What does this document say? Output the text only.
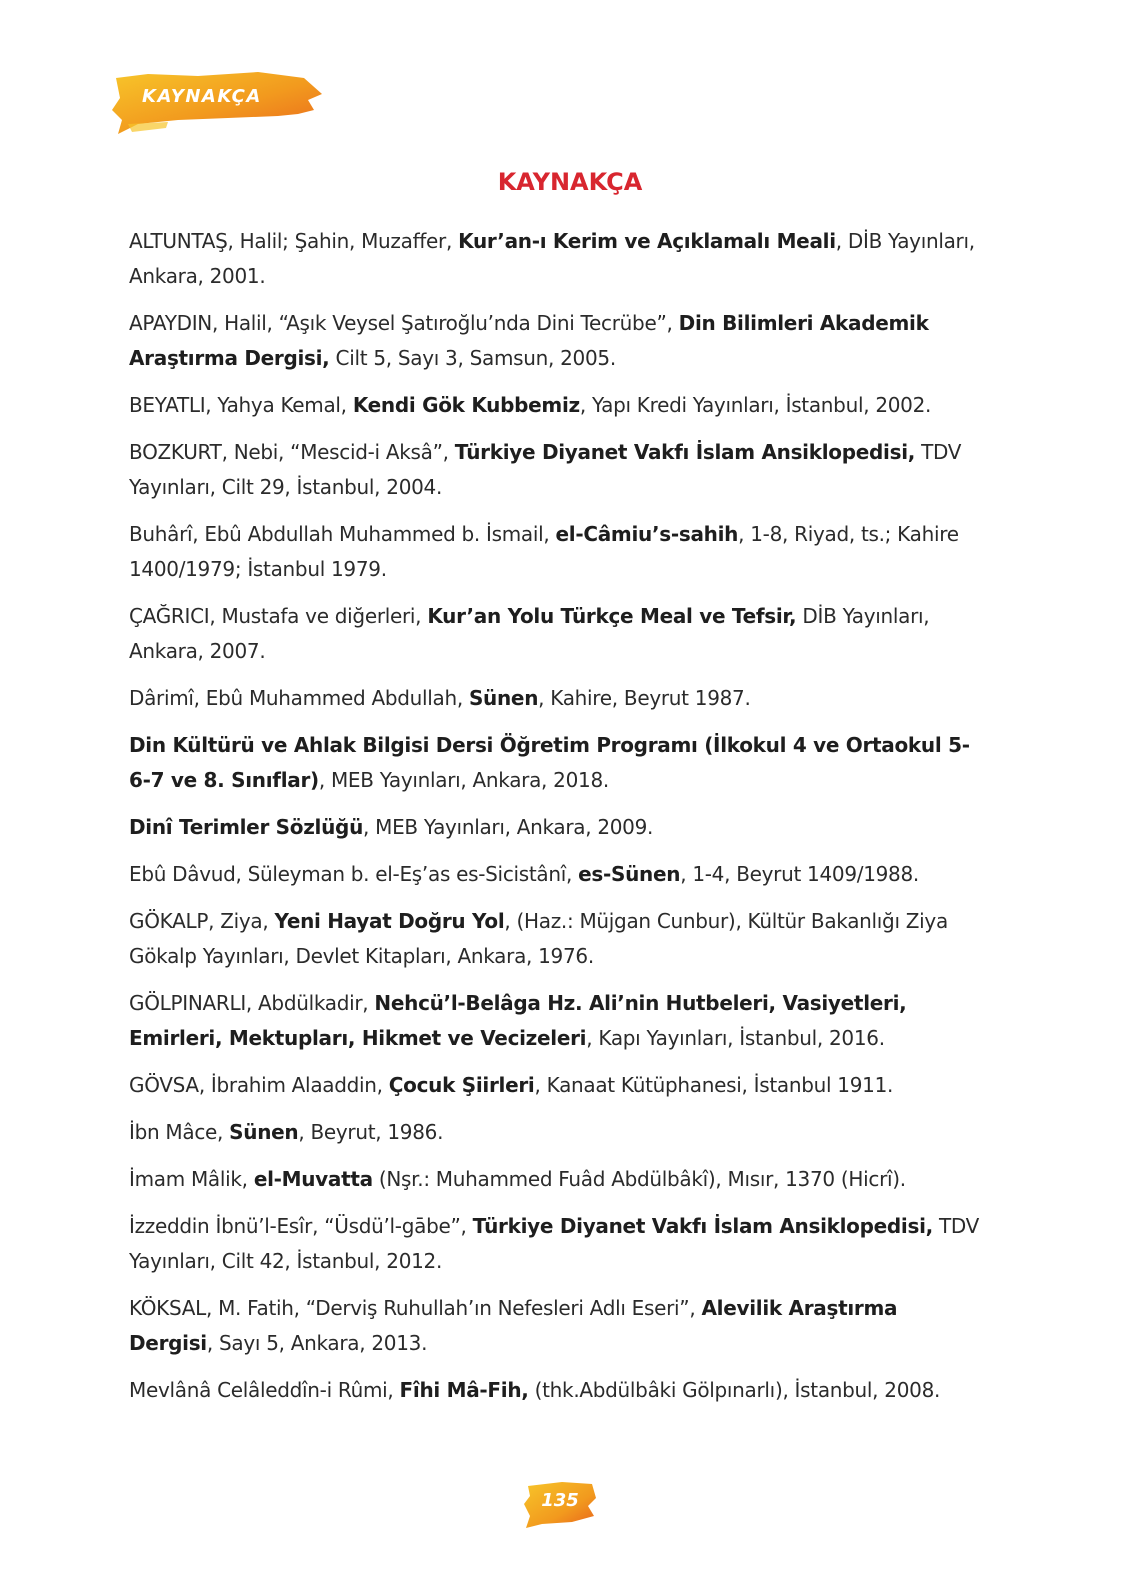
KAYNAKÇA
KAYNAKÇA
ALTUNTAŞ, Halil; Şahin, Muzaffer, Kur’an-ı Kerim ve Açıklamalı Meali, DİB Yayınları, Ankara, 2001.
APAYDIN, Halil, “Aşık Veysel Şatıroğlu’nda Dini Tecrübe”, Din Bilimleri Akademik Araştırma Dergisi, Cilt 5, Sayı 3, Samsun, 2005.
BEYATLI, Yahya Kemal, Kendi Gök Kubbemiz, Yapı Kredi Yayınları, İstanbul, 2002.
BOZKURT, Nebi, “Mescid-i Aksâ”, Türkiye Diyanet Vakfı İslam Ansiklopedisi, TDV Yayınları, Cilt 29, İstanbul, 2004.
Buhârî, Ebû Abdullah Muhammed b. İsmail, el-Câmiu’s-sahih, 1-8, Riyad, ts.; Kahire 1400/1979; İstanbul 1979.
ÇAĞRICI, Mustafa ve diğerleri, Kur’an Yolu Türkçe Meal ve Tefsir, DİB Yayınları, Ankara, 2007.
Dârimî, Ebû Muhammed Abdullah, Sünen, Kahire, Beyrut 1987.
Din Kültürü ve Ahlak Bilgisi Dersi Öğretim Programı (İlkokul 4 ve Ortaokul 5-6-7 ve 8. Sınıflar), MEB Yayınları, Ankara, 2018.
Dinî Terimler Sözlüğü, MEB Yayınları, Ankara, 2009.
Ebû Dâvud, Süleyman b. el-Eş’as es-Sicistânî, es-Sünen, 1-4, Beyrut 1409/1988.
GÖKALP, Ziya, Yeni Hayat Doğru Yol, (Haz.: Müjgan Cunbur), Kültür Bakanlığı Ziya Gökalp Yayınları, Devlet Kitapları, Ankara, 1976.
GÖLPINARLI, Abdülkadir, Nehcü’l-Belâga Hz. Ali’nin Hutbeleri, Vasiyetleri, Emirleri, Mektupları, Hikmet ve Vecizeleri, Kapı Yayınları, İstanbul, 2016.
GÖVSA, İbrahim Alaaddin, Çocuk Şiirleri, Kanaat Kütüphanesi, İstanbul 1911.
İbn Mâce, Sünen, Beyrut, 1986.
İmam Mâlik, el-Muvatta (Nşr.: Muhammed Fuâd Abdülbâkî), Mısır, 1370 (Hicrî).
İzzeddin İbnü’l-Esîr, “Üsdü’l-gābe”, Türkiye Diyanet Vakfı İslam Ansiklopedisi, TDV Yayınları, Cilt 42, İstanbul, 2012.
KÖKSAL, M. Fatih, “Derviş Ruhullah’ın Nefesleri Adlı Eseri”, Alevilik Araştırma Dergisi, Sayı 5, Ankara, 2013.
Mevlânâ Celâleddîn-i Rûmi, Fîhi Mâ-Fih, (thk.Abdülbâki Gölpınarlı), İstanbul, 2008.
135
